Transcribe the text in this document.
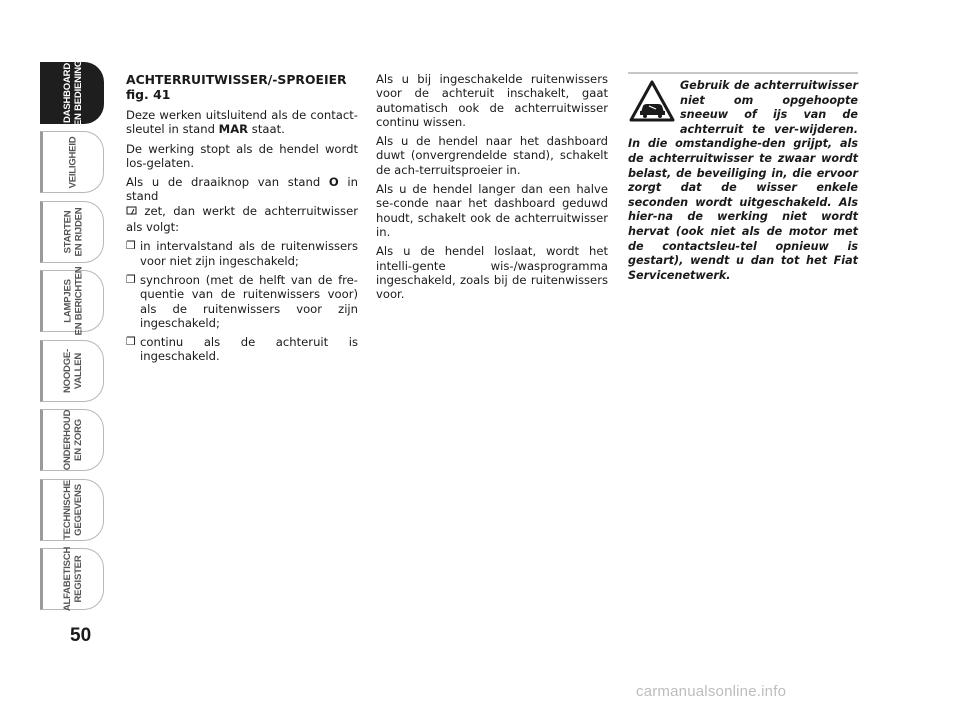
DASHBOARD
EN BEDIENING
VEILIGHEID
STARTEN
EN RIJDEN
LAMPJES
EN BERICHTEN
NOODGE-
VALLEN
ONDERHOUD
EN ZORG
TECHNISCHE
GEGEVENS
ALFABETISCH
REGISTER
50
ACHTERRUITWISSER/-SPROEIER
fig. 41

Deze werken uitsluitend als de contact-sleutel in stand MAR staat.

De werking stopt als de hendel wordt los-gelaten.

Als u de draaiknop van stand O in stand
zet, dan werkt de achterruitwisser als volgt:

❒ in intervalstand als de ruitenwissers voor niet zijn ingeschakeld;
❒ synchroon (met de helft van de fre-quentie van de ruitenwissers voor) als de ruitenwissers voor zijn ingeschakeld;
❒ continu als de achteruit is ingeschakeld.

Als u bij ingeschakelde ruitenwissers voor de achteruit inschakelt, gaat automatisch ook de achterruitwisser continu wissen.

Als u de hendel naar het dashboard duwt (onvergrendelde stand), schakelt de ach-terruitsproeier in.

Als u de hendel langer dan een halve se-conde naar het dashboard geduwd houdt, schakelt ook de achterruitwisser in.

Als u de hendel loslaat, wordt het intelli-gente wis-/wasprogramma ingeschakeld, zoals bij de ruitenwissers voor.

Gebruik de achterruitwisser niet om opgehoopte sneeuw of ijs van de achterruit te ver-wijderen. In die omstandighe-den grijpt, als de achterruitwisser te zwaar wordt belast, de beveiliging in, die ervoor zorgt dat de wisser enkele seconden wordt uitgeschakeld. Als hier-na de werking niet wordt hervat (ook niet als de motor met de contactsleu-tel opnieuw is gestart), wendt u dan tot het Fiat Servicenetwerk.
carmanualsonline.info
